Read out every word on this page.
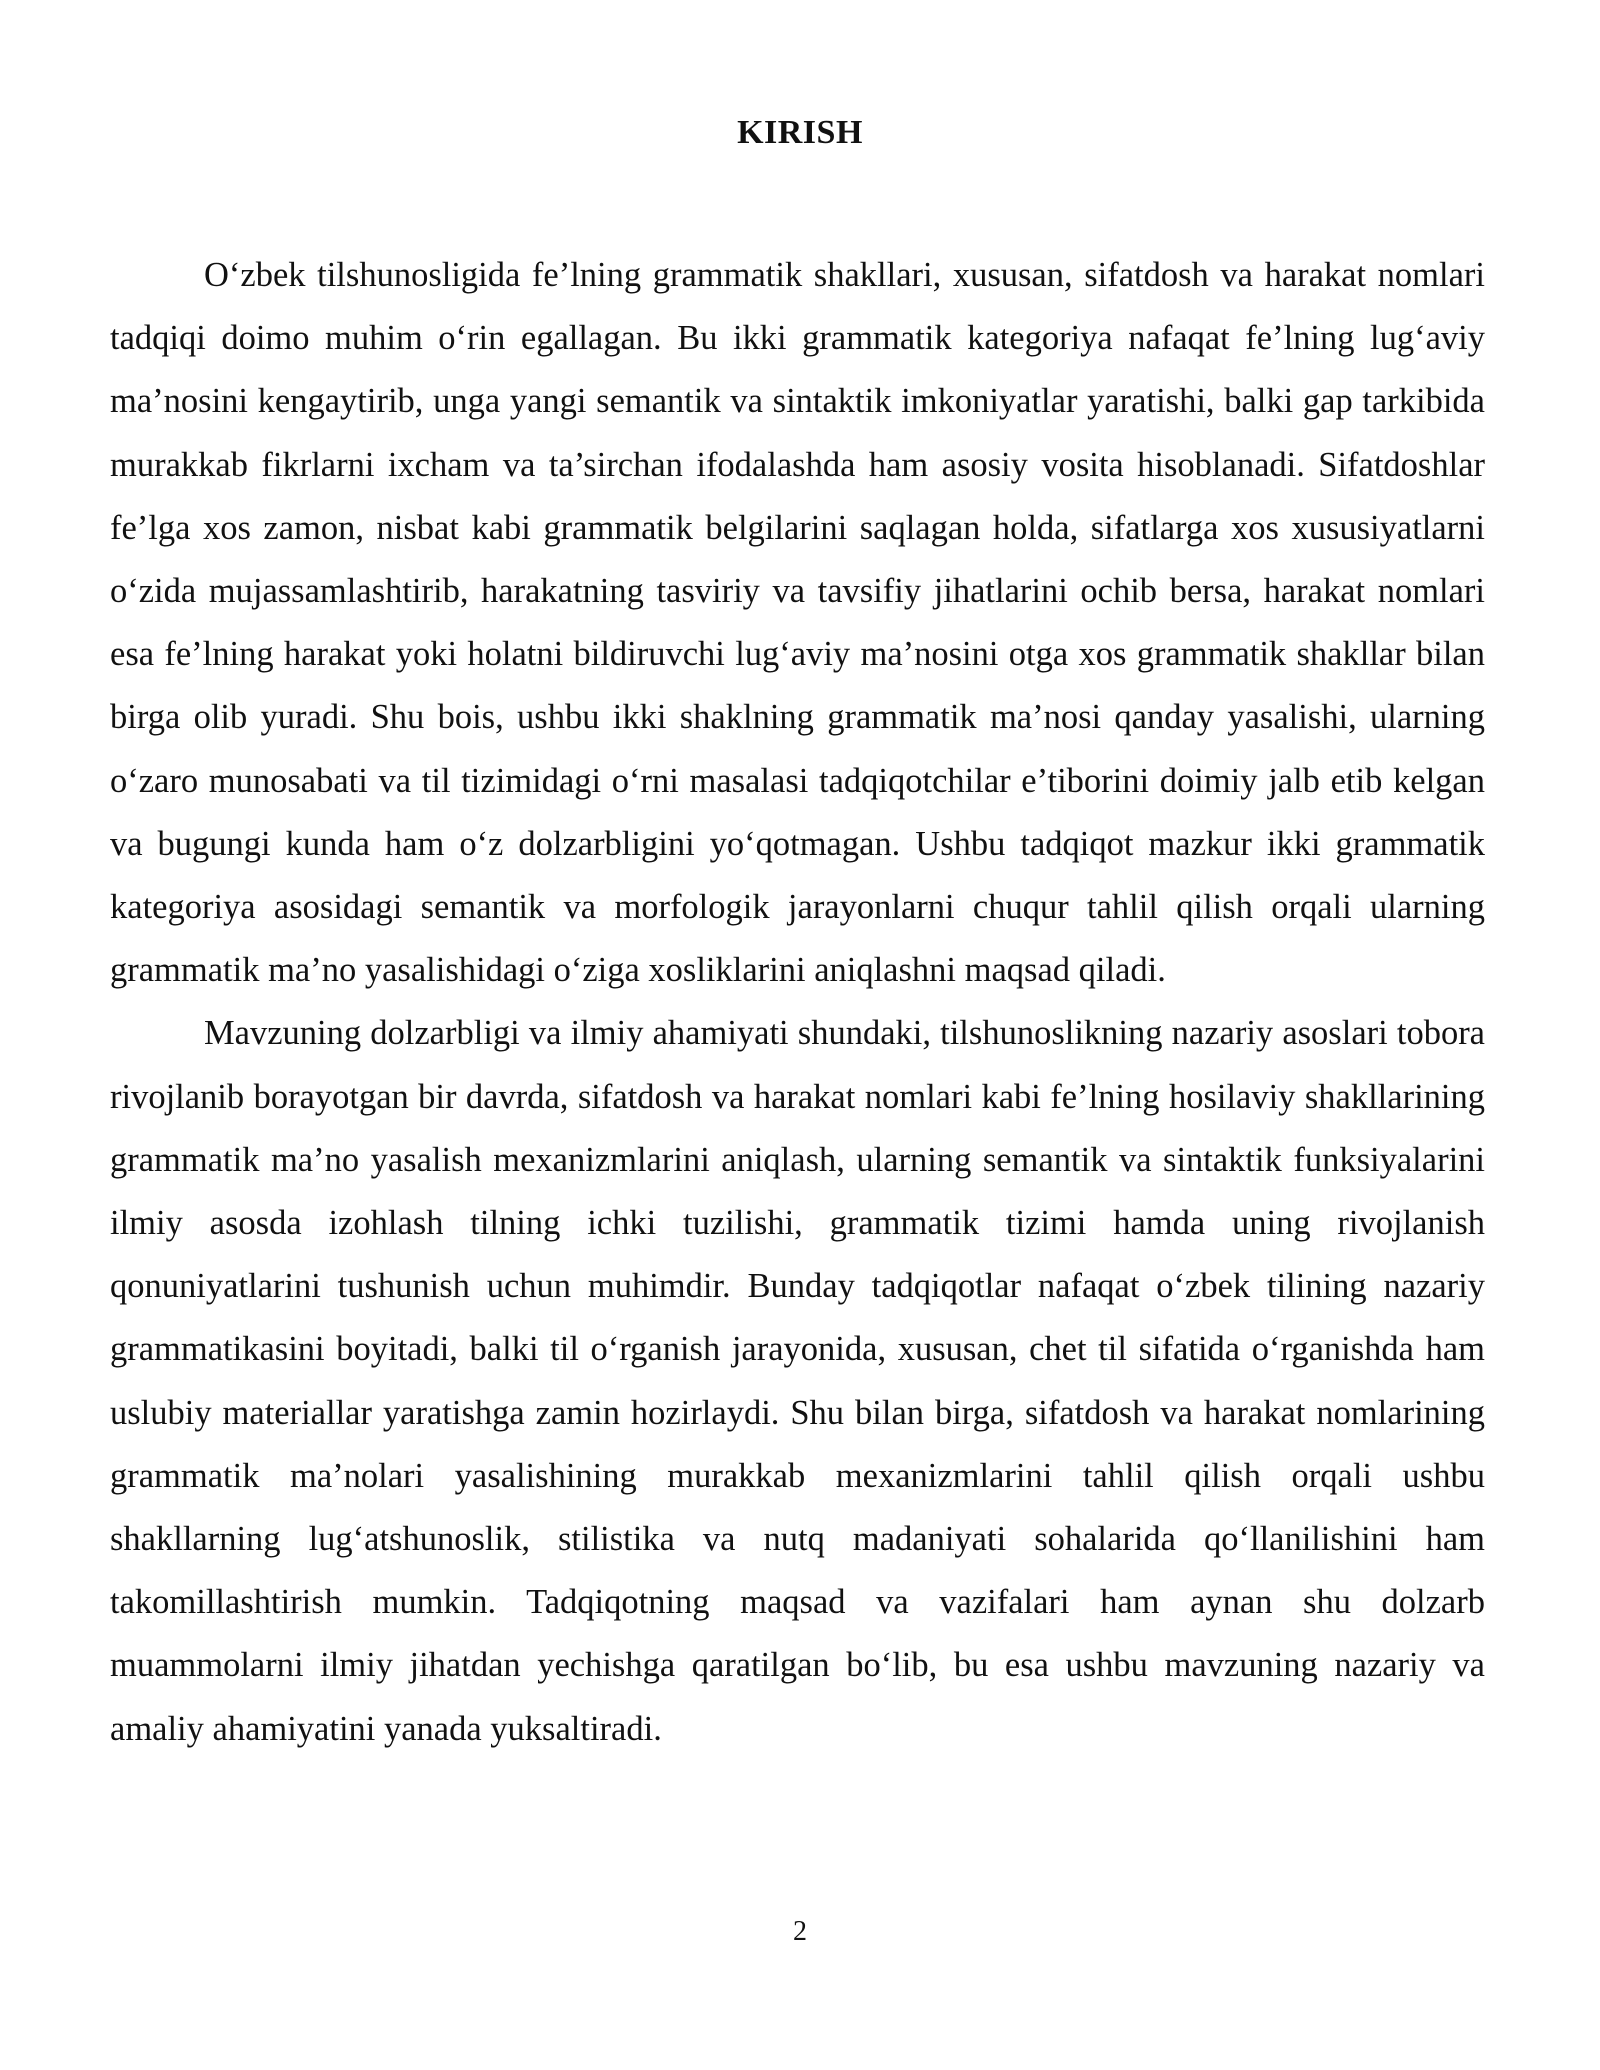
KIRISH

O‘zbek tilshunosligida fe’lning grammatik shakllari, xususan, sifatdosh va harakat nomlari tadqiqi doimo muhim o‘rin egallagan. Bu ikki grammatik kategoriya nafaqat fe’lning lug‘aviy ma’nosini kengaytirib, unga yangi semantik va sintaktik imkoniyatlar yaratishi, balki gap tarkibida murakkab fikrlarni ixcham va ta’sirchan ifodalashda ham asosiy vosita hisoblanadi. Sifatdoshlar fe’lga xos zamon, nisbat kabi grammatik belgilarini saqlagan holda, sifatlarga xos xususiyatlarni o‘zida mujassamlashtirib, harakatning tasviriy va tavsifiy jihatlarini ochib bersa, harakat nomlari esa fe’lning harakat yoki holatni bildiruvchi lug‘aviy ma’nosini otga xos grammatik shakllar bilan birga olib yuradi. Shu bois, ushbu ikki shaklning grammatik ma’nosi qanday yasalishi, ularning o‘zaro munosabati va til tizimidagi o‘rni masalasi tadqiqotchilar e’tiborini doimiy jalb etib kelgan va bugungi kunda ham o‘z dolzarbligini yo‘qotmagan. Ushbu tadqiqot mazkur ikki grammatik kategoriya asosidagi semantik va morfologik jarayonlarni chuqur tahlil qilish orqali ularning grammatik ma’no yasalishidagi o‘ziga xosliklarini aniqlashni maqsad qiladi.

Mavzuning dolzarbligi va ilmiy ahamiyati shundaki, tilshunoslikning nazariy asoslari tobora rivojlanib borayotgan bir davrda, sifatdosh va harakat nomlari kabi fe’lning hosilaviy shakllarining grammatik ma’no yasalish mexanizmlarini aniqlash, ularning semantik va sintaktik funksiyalarini ilmiy asosda izohlash tilning ichki tuzilishi, grammatik tizimi hamda uning rivojlanish qonuniyatlarini tushunish uchun muhimdir. Bunday tadqiqotlar nafaqat o‘zbek tilining nazariy grammatikasini boyitadi, balki til o‘rganish jarayonida, xususan, chet til sifatida o‘rganishda ham uslubiy materiallar yaratishga zamin hozirlaydi. Shu bilan birga, sifatdosh va harakat nomlarining grammatik ma’nolari yasalishining murakkab mexanizmlarini tahlil qilish orqali ushbu shakllarning lug‘atshunoslik, stilistika va nutq madaniyati sohalarida qo‘llanilishini ham takomillashtirish mumkin. Tadqiqotning maqsad va vazifalari ham aynan shu dolzarb muammolarni ilmiy jihatdan yechishga qaratilgan bo‘lib, bu esa ushbu mavzuning nazariy va amaliy ahamiyatini yanada yuksaltiradi.

2
